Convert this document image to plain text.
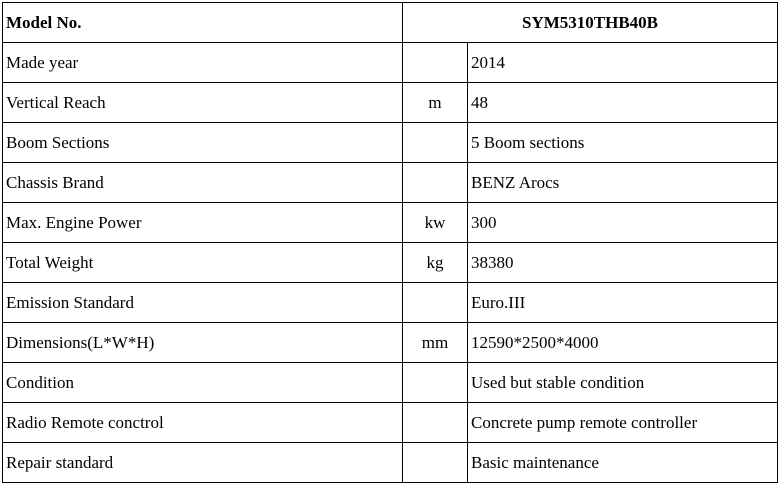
Model No.	SYM5310THB40B	
Made year		2014
Vertical Reach	m	48
Boom Sections		5 Boom sections
Chassis Brand		BENZ Arocs
Max. Engine Power	kw	300
Total Weight	kg	38380
Emission Standard		Euro.III
Dimensions(L*W*H)	mm	12590*2500*4000
Condition		Used but stable condition
Radio Remote conctrol		Concrete pump remote controller
Repair standard		Basic maintenance
